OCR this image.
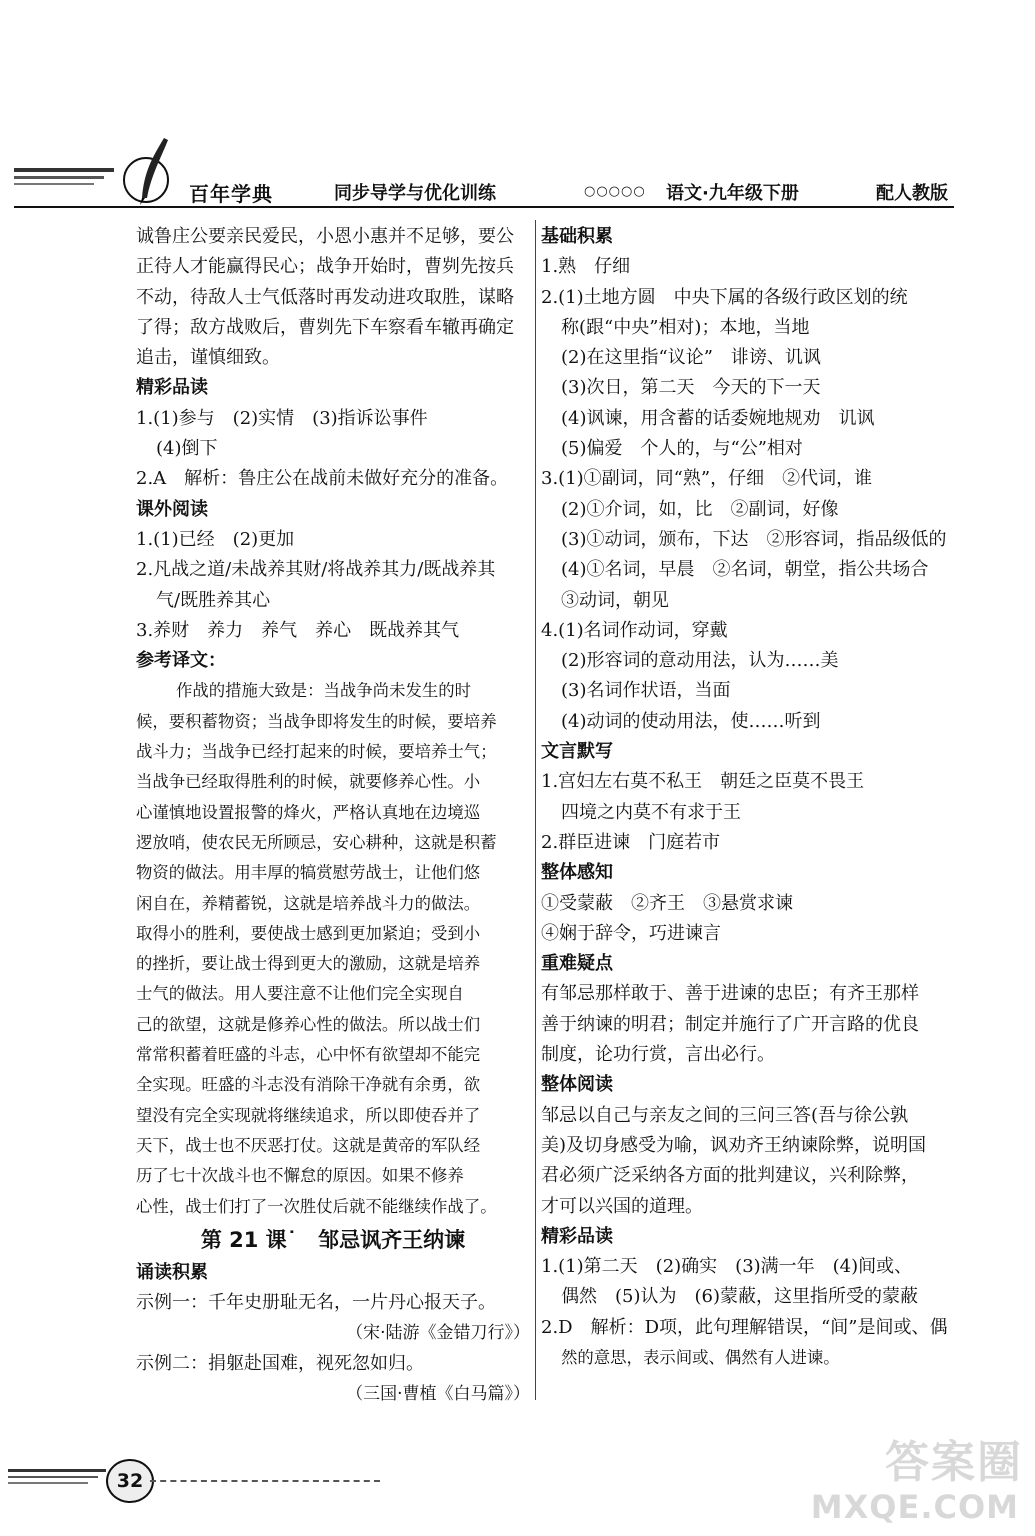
百年学典	同步导学与优化训练	○○○○○ 语文·九年级下册	配人教版
诚鲁庄公要亲民爱民，小恩小惠并不足够，要公
正待人才能赢得民心；战争开始时，曹刿先按兵
不动，待敌人士气低落时再发动进攻取胜，谋略
了得；敌方战败后，曹刿先下车察看车辙再确定
追击，谨慎细致。
精彩品读
1.(1)参与　(2)实情　(3)指诉讼事件
(4)倒下
2.A　解析：鲁庄公在战前未做好充分的准备。
课外阅读
1.(1)已经　(2)更加
2.凡战之道/未战养其财/将战养其力/既战养其
气/既胜养其心
3.养财　养力　养气　养心　既战养其气
参考译文：
作战的措施大致是：当战争尚未发生的时
候，要积蓄物资；当战争即将发生的时候，要培养
战斗力；当战争已经打起来的时候，要培养士气；
当战争已经取得胜利的时候，就要修养心性。小
心谨慎地设置报警的烽火，严格认真地在边境巡
逻放哨，使农民无所顾忌，安心耕种，这就是积蓄
物资的做法。用丰厚的犒赏慰劳战士，让他们悠
闲自在，养精蓄锐，这就是培养战斗力的做法。
取得小的胜利，要使战士感到更加紧迫；受到小
的挫折，要让战士得到更大的激励，这就是培养
士气的做法。用人要注意不让他们完全实现自
己的欲望，这就是修养心性的做法。所以战士们
常常积蓄着旺盛的斗志，心中怀有欲望却不能完
全实现。旺盛的斗志没有消除干净就有余勇，欲
望没有完全实现就将继续追求，所以即使吞并了
天下，战士也不厌恶打仗。这就是黄帝的军队经
历了七十次战斗也不懈怠的原因。如果不修养
心性，战士们打了一次胜仗后就不能继续作战了。
第 21 课˙　邹忌讽齐王纳谏
诵读积累
示例一：千年史册耻无名，一片丹心报天子。
（宋·陆游《金错刀行》）
示例二：捐躯赴国难，视死忽如归。
（三国·曹植《白马篇》）
基础积累
1.熟　仔细
2.(1)土地方圆　中央下属的各级行政区划的统
称(跟“中央”相对)；本地，当地
(2)在这里指“议论”　诽谤、讥讽
(3)次日，第二天　今天的下一天
(4)讽谏，用含蓄的话委婉地规劝　讥讽
(5)偏爱　个人的，与“公”相对
3.(1)①副词，同“熟”，仔细　②代词，谁
(2)①介词，如，比　②副词，好像
(3)①动词，颁布，下达　②形容词，指品级低的
(4)①名词，早晨　②名词，朝堂，指公共场合
③动词，朝见
4.(1)名词作动词，穿戴
(2)形容词的意动用法，认为……美
(3)名词作状语，当面
(4)动词的使动用法，使……听到
文言默写
1.宫妇左右莫不私王　朝廷之臣莫不畏王
四境之内莫不有求于王
2.群臣进谏　门庭若市
整体感知
①受蒙蔽　②齐王　③悬赏求谏
④娴于辞令，巧进谏言
重难疑点
有邹忌那样敢于、善于进谏的忠臣；有齐王那样
善于纳谏的明君；制定并施行了广开言路的优良
制度，论功行赏，言出必行。
整体阅读
邹忌以自己与亲友之间的三问三答(吾与徐公孰
美)及切身感受为喻，讽劝齐王纳谏除弊，说明国
君必须广泛采纳各方面的批判建议，兴利除弊，
才可以兴国的道理。
精彩品读
1.(1)第二天　(2)确实　(3)满一年　(4)间或、
偶然　(5)认为　(6)蒙蔽，这里指所受的蒙蔽
2.D　解析：D项，此句理解错误，“间”是间或、偶
然的意思，表示间或、偶然有人进谏。
32	答案圈
MXQE.COM
